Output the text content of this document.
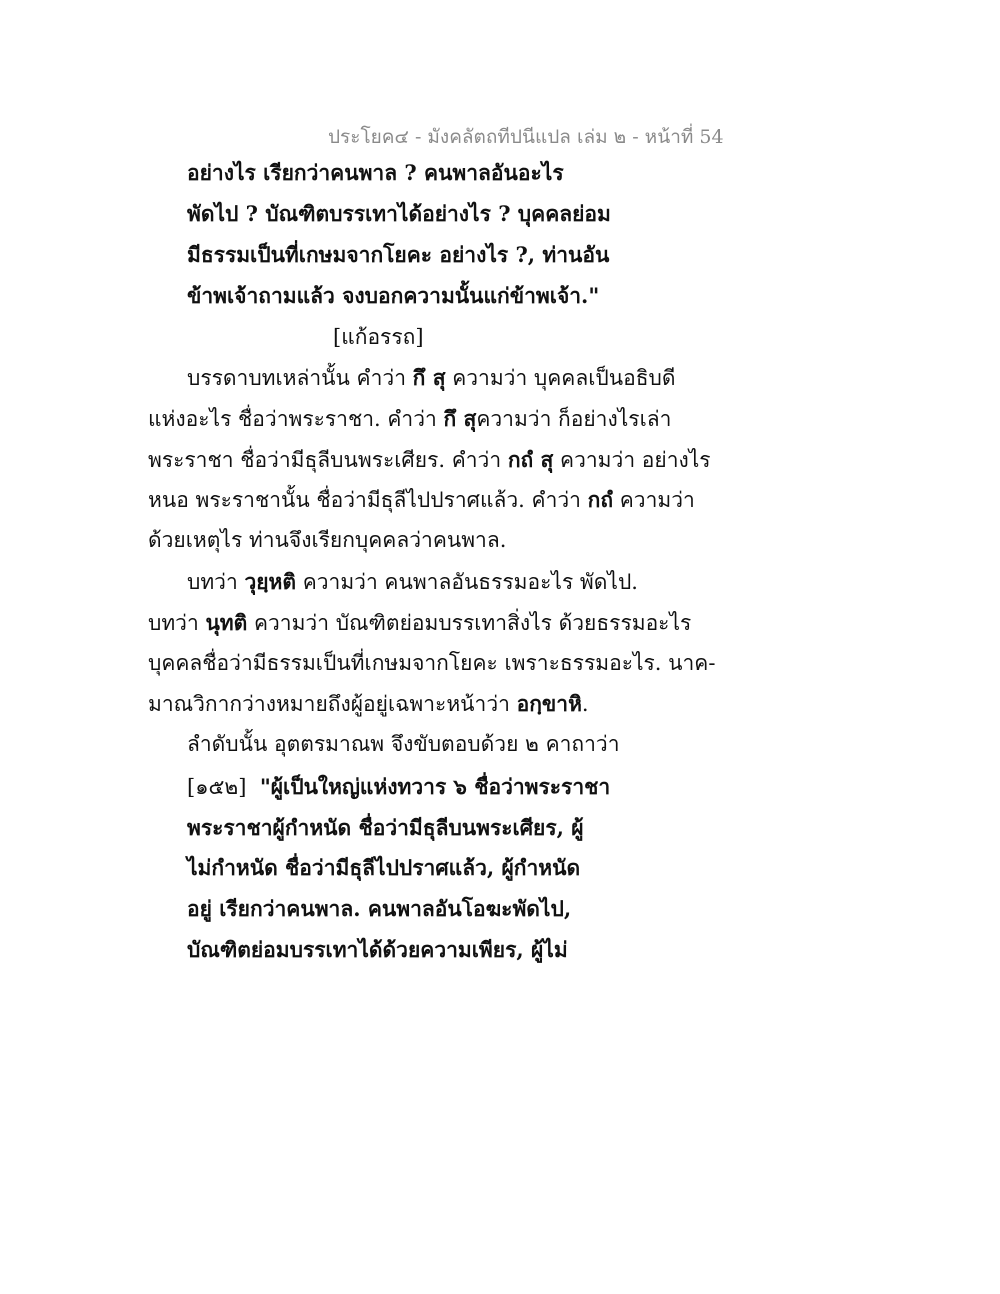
ประโยค๔ - มังคลัตถทีปนีแปล เล่ม ๒ - หน้าที่ 54
อย่างไร เรียกว่าคนพาล ? คนพาลอันอะไร
พัดไป ? บัณฑิตบรรเทาได้อย่างไร ? บุคคลย่อม
มีธรรมเป็นที่เกษมจากโยคะ อย่างไร ?, ท่านอัน
ข้าพเจ้าถามแล้ว จงบอกความนั้นแก่ข้าพเจ้า."
[แก้อรรถ]
บรรดาบทเหล่านั้น คำว่า กึ สุ ความว่า บุคคลเป็นอธิบดี
แห่งอะไร ชื่อว่าพระราชา. คำว่า กึ สุความว่า ก็อย่างไรเล่า
พระราชา ชื่อว่ามีธุลีบนพระเศียร. คำว่า กถํ สุ ความว่า อย่างไร
หนอ พระราชานั้น ชื่อว่ามีธุลีไปปราศแล้ว. คำว่า กถํ ความว่า
ด้วยเหตุไร ท่านจึงเรียกบุคคลว่าคนพาล.
บทว่า วุยฺหติ ความว่า คนพาลอันธรรมอะไร พัดไป.
บทว่า นุทติ ความว่า บัณฑิตย่อมบรรเทาสิ่งไร ด้วยธรรมอะไร
บุคคลชื่อว่ามีธรรมเป็นที่เกษมจากโยคะ เพราะธรรมอะไร. นาค-
มาณวิกากว่างหมายถึงผู้อยู่เฉพาะหน้าว่า อกฺขาหิ.
ลำดับนั้น อุตตรมาณพ จึงขับตอบด้วย ๒ คาถาว่า
[๑๕๒] "ผู้เป็นใหญ่แห่งทวาร ๖ ชื่อว่าพระราชา
พระราชาผู้กำหนัด ชื่อว่ามีธุลีบนพระเศียร, ผู้
ไม่กำหนัด ชื่อว่ามีธุลีไปปราศแล้ว, ผู้กำหนัด
อยู่ เรียกว่าคนพาล. คนพาลอันโอฆะพัดไป,
บัณฑิตย่อมบรรเทาได้ด้วยความเพียร, ผู้ไม่
